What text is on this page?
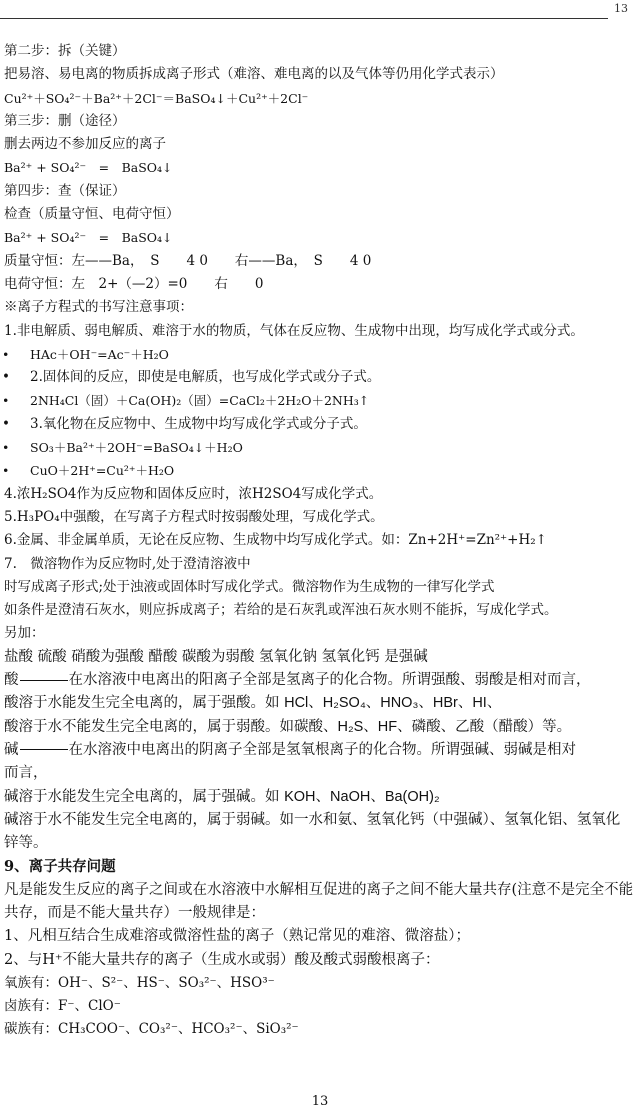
13
第二步：拆（关键）
把易溶、易电离的物质拆成离子形式（难溶、难电离的以及气体等仍用化学式表示）
Cu²⁺＋SO₄²⁻＋Ba²⁺＋2Cl⁻＝BaSO₄↓＋Cu²⁺＋2Cl⁻
第三步：删（途径）
删去两边不参加反应的离子
Ba²⁺ + SO₄²⁻　=　BaSO₄↓
第四步：查（保证）
检查（质量守恒、电荷守恒）
Ba²⁺ + SO₄²⁻　=　BaSO₄↓
质量守恒：左——Ba，　S　　4 0　　右——Ba，　S　　4 0
电荷守恒：左　2+（—2）=0　　右　　0
※离子方程式的书写注意事项：
1.非电解质、弱电解质、难溶于水的物质，气体在反应物、生成物中出现，均写成化学式或分式。
• HAc＋OH⁻=Ac⁻＋H₂O
• 2.固体间的反应，即使是电解质，也写成化学式或分子式。
• 2NH₄Cl（固）＋Ca(OH)₂（固）=CaCl₂＋2H₂O＋2NH₃↑
• 3.氧化物在反应物中、生成物中均写成化学式或分子式。
• SO₃＋Ba²⁺＋2OH⁻=BaSO₄↓＋H₂O
• CuO＋2H⁺=Cu²⁺＋H₂O
4.浓H₂SO4作为反应物和固体反应时，浓H2SO4写成化学式。
5.H₃PO₄中强酸，在写离子方程式时按弱酸处理，写成化学式。
6.金属、非金属单质，无论在反应物、生成物中均写成化学式。如：Zn+2H⁺=Zn²⁺+H₂↑
7.　微溶物作为反应物时,处于澄清溶液中
时写成离子形式;处于浊液或固体时写成化学式。微溶物作为生成物的一律写化学式
如条件是澄清石灰水，则应拆成离子；若给的是石灰乳或浑浊石灰水则不能拆，写成化学式。
另加：
盐酸 硫酸 硝酸为强酸 醋酸 碳酸为弱酸 氢氧化钠 氢氧化钙 是强碱
酸	在水溶液中电离出的阳离子全部是氢离子的化合物。所谓强酸、弱酸是相对而言，
酸溶于水能发生完全电离的，属于强酸。如 HCl、H₂SO₄、HNO₃、HBr、HI、
酸溶于水不能发生完全电离的，属于弱酸。如碳酸、H₂S、HF、磷酸、乙酸（醋酸）等。
碱	在水溶液中电离出的阴离子全部是氢氧根离子的化合物。所谓强碱、弱碱是相对
而言，
碱溶于水能发生完全电离的，属于强碱。如 KOH、NaOH、Ba(OH)₂
碱溶于水不能发生完全电离的，属于弱碱。如一水和氨、氢氧化钙（中强碱）、氢氧化铝、氢氧化锌等。
9、离子共存问题
凡是能发生反应的离子之间或在水溶液中水解相互促进的离子之间不能大量共存(注意不是完全不能共存，而是不能大量共存）一般规律是：
1、凡相互结合生成难溶或微溶性盐的离子（熟记常见的难溶、微溶盐）；
2、与H⁺不能大量共存的离子（生成水或弱）酸及酸式弱酸根离子：
氧族有：OH⁻、S²⁻、HS⁻、SO₃²⁻、HSO³⁻
卤族有：F⁻、ClO⁻
碳族有：CH₃COO⁻、CO₃²⁻、HCO₃²⁻、SiO₃²⁻
13
